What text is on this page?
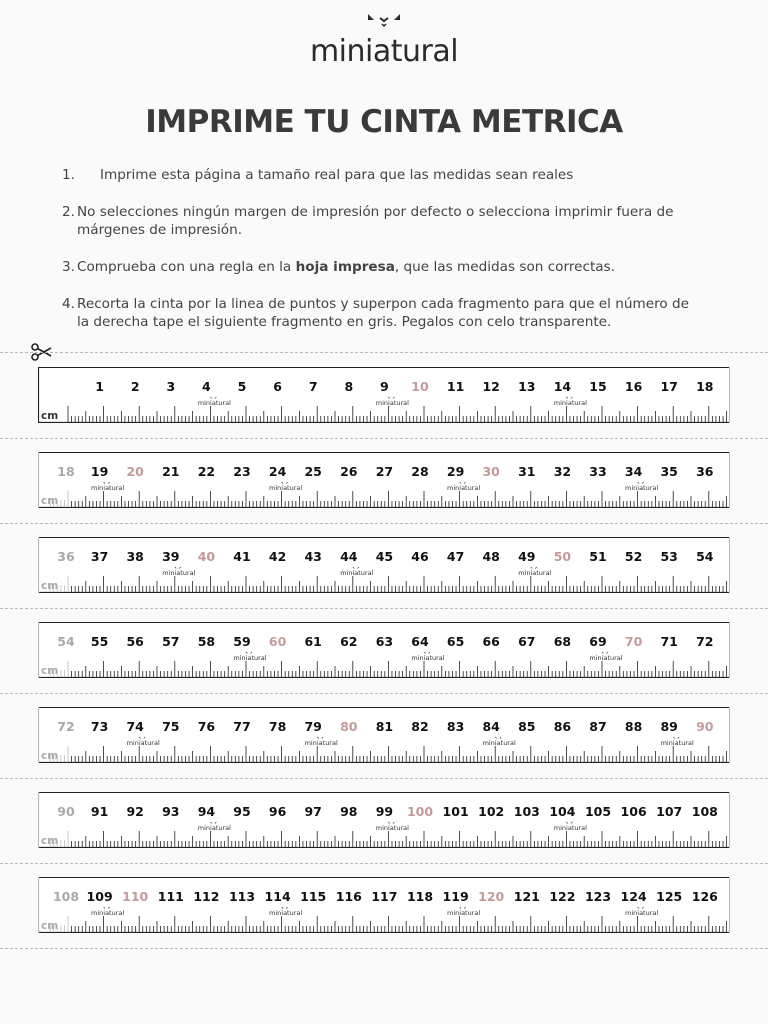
miniatural
IMPRIME TU CINTA METRICA
1. Imprime esta página a tamaño real para que las medidas sean reales
2. No selecciones ningún margen de impresión por defecto o selecciona imprimir fuera de márgenes de impresión.
3. Comprueba con una regla en la hoja impresa, que las medidas son correctas.
4. Recorta la cinta por la linea de puntos y superpon cada fragmento para que el número de la derecha tape el siguiente fragmento en gris. Pegalos con celo transparente.
cm
1 2 3 4 5 6 7 8 9 10 11 12 13 14 15 16 17 18
miniatural	miniatural	miniatural
cm
18 19 20 21 22 23 24 25 26 27 28 29 30 31 32 33 34 35 36
miniatural	miniatural	miniatural	miniatural
cm
36 37 38 39 40 41 42 43 44 45 46 47 48 49 50 51 52 53 54
miniatural	miniatural	miniatural
cm
54 55 56 57 58 59 60 61 62 63 64 65 66 67 68 69 70 71 72
miniatural	miniatural	miniatural
cm
72 73 74 75 76 77 78 79 80 81 82 83 84 85 86 87 88 89 90
miniatural	miniatural	miniatural	miniatural
cm
90 91 92 93 94 95 96 97 98 99 100 101 102 103 104 105 106 107 108
miniatural	miniatural	miniatural
cm
108 109 110 111 112 113 114 115 116 117 118 119 120 121 122 123 124 125 126
miniatural	miniatural	miniatural	miniatural
